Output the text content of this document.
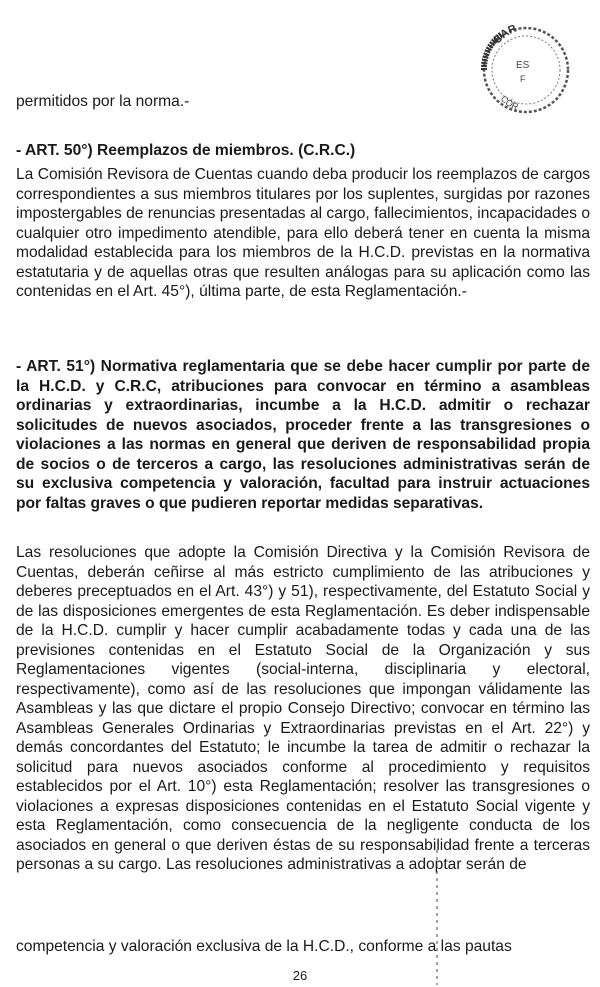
CAR
ES
F
CÓR
permitidos por la norma.-
- ART. 50°) Reemplazos de miembros. (C.R.C.)
La Comisión Revisora de Cuentas cuando deba producir los reemplazos de cargos correspondientes a sus miembros titulares por los suplentes, surgidas por razones impostergables de renuncias presentadas al cargo, fallecimientos, incapacidades o cualquier otro impedimento atendible, para ello deberá tener en cuenta la misma modalidad establecida para los miembros de la H.C.D. previstas en la normativa estatutaria y de aquellas otras que resulten análogas para su aplicación como las contenidas en el Art. 45°), última parte, de esta Reglamentación.-
- ART. 51°) Normativa reglamentaria que se debe hacer cumplir por parte de la H.C.D. y C.R.C, atribuciones para convocar en término a asambleas ordinarias y extraordinarias, incumbe a la H.C.D. admitir o rechazar solicitudes de nuevos asociados, proceder frente a las transgresiones o violaciones a las normas en general que deriven de responsabilidad propia de socios o de terceros a cargo, las resoluciones administrativas serán de su exclusiva competencia y valoración, facultad para instruir actuaciones por faltas graves o que pudieren reportar medidas separativas.
Las resoluciones que adopte la Comisión Directiva y la Comisión Revisora de Cuentas, deberán ceñirse al más estricto cumplimiento de las atribuciones y deberes preceptuados en el Art. 43°) y 51), respectivamente, del Estatuto Social y de las disposiciones emergentes de esta Reglamentación. Es deber indispensable de la H.C.D. cumplir y hacer cumplir acabadamente todas y cada una de las previsiones contenidas en el Estatuto Social de la Organización y sus Reglamentaciones vigentes (social-interna, disciplinaria y electoral, respectivamente), como así de las resoluciones que impongan válidamente las Asambleas y las que dictare el propio Consejo Directivo; convocar en término las Asambleas Generales Ordinarias y Extraordinarias previstas en el Art. 22°) y demás concordantes del Estatuto; le incumbe la tarea de admitir o rechazar la solicitud para nuevos asociados conforme al procedimiento y requisitos establecidos por el Art. 10°) esta Reglamentación; resolver las transgresiones o violaciones a expresas disposiciones contenidas en el Estatuto Social vigente y esta Reglamentación, como consecuencia de la negligente conducta de los asociados en general o que deriven éstas de su responsabilidad frente a terceras personas a su cargo. Las resoluciones administrativas a adoptar serán de
competencia y valoración exclusiva de la H.C.D., conforme a las pautas
26
